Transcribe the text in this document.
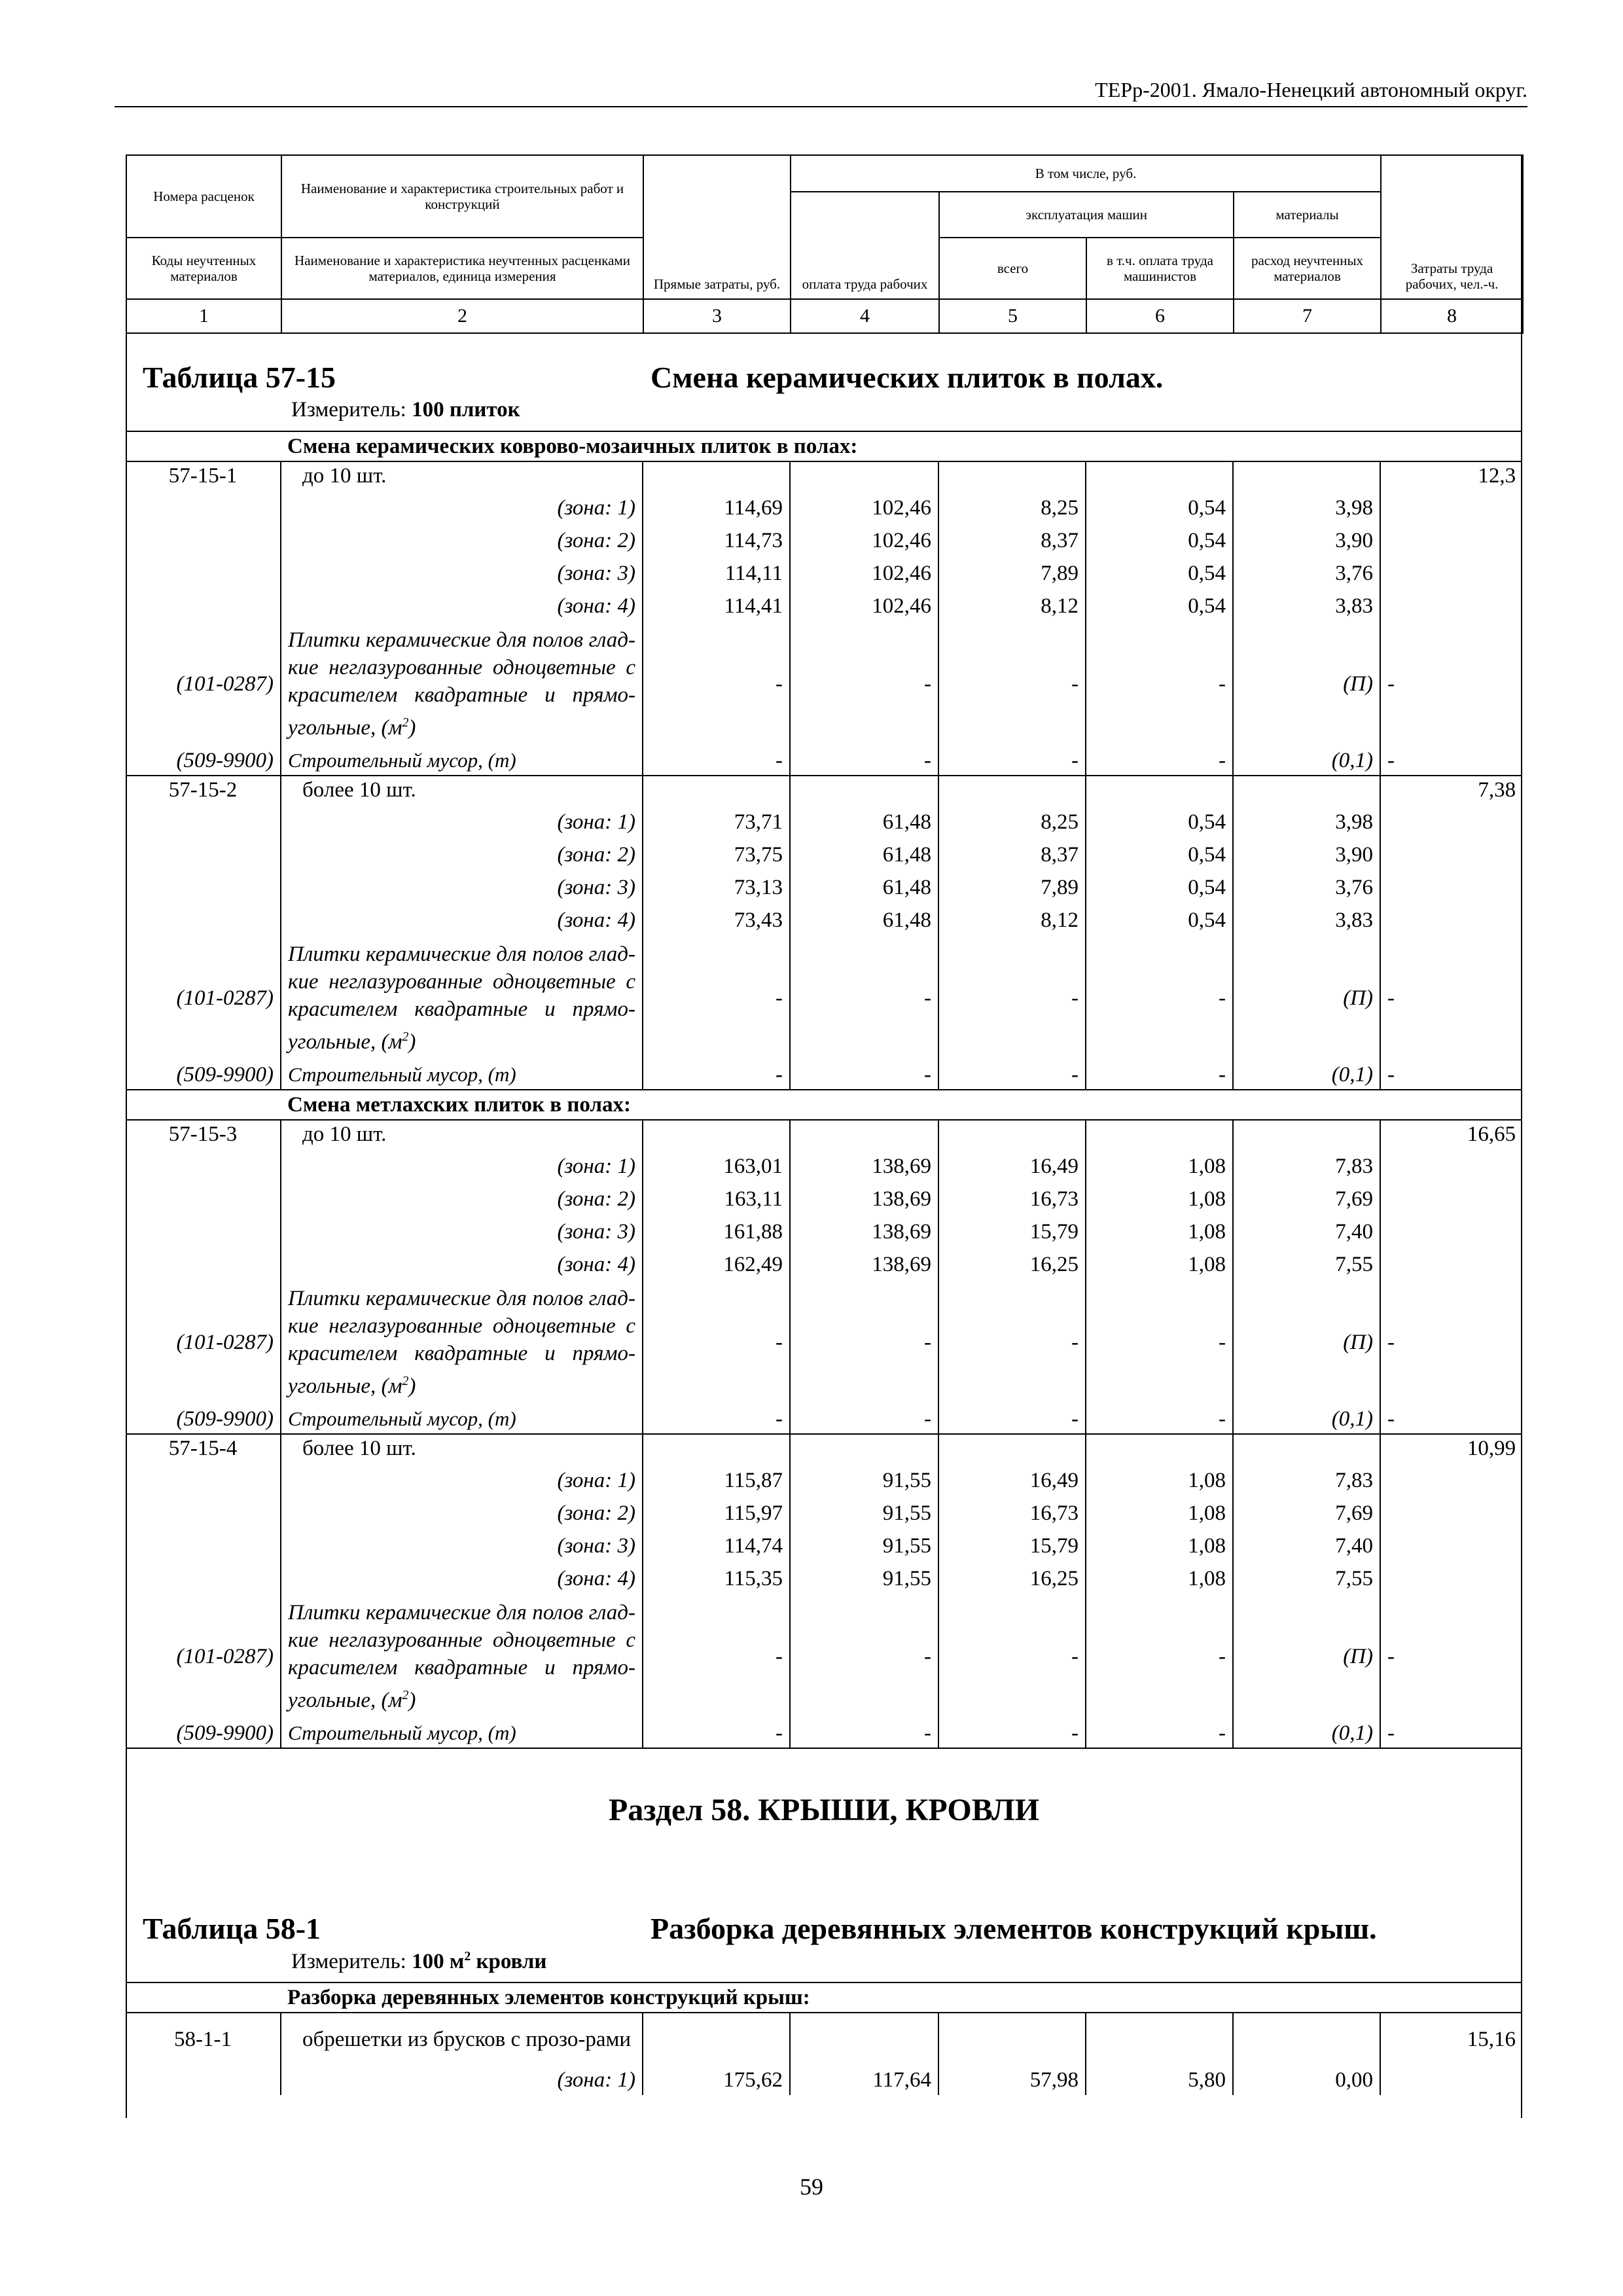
ТЕРр-2001. Ямало-Ненецкий автономный округ.
Номера расценок	Наименование и характеристика строительных работ и конструкций	Прямые затраты, руб.	В том числе, руб.				Затраты труда рабочих, чел.-ч.
			оплата труда рабочих	эксплуатация машин		материалы	
Коды неучтенных материалов	Наименование и характеристика неучтенных расценками материалов, единица измерения			всего	в т.ч. оплата труда машинистов	расход неучтенных материалов	
1	2	3	4	5	6	7	8
Таблица 57-15	Смена керамических плиток в полах.
Измеритель: 100 плиток
	Смена керамических коврово-мозаичных плиток в полах:						
57-15-1	до 10 шт.						12,3
	(зона: 1)	114,69	102,46	8,25	0,54	3,98	
	(зона: 2)	114,73	102,46	8,37	0,54	3,90	
	(зона: 3)	114,11	102,46	7,89	0,54	3,76	
	(зона: 4)	114,41	102,46	8,12	0,54	3,83	
(101-0287)	Плитки керамические для полов глад-кие неглазурованные одноцветные с красителем квадратные и прямо-угольные, $(м^2)$	-	-	-	-	(П)	-
(509-9900)	Строительный мусор, (т)	-	-	-	-	(0,1)	-
57-15-2	более 10 шт.						7,38
	(зона: 1)	73,71	61,48	8,25	0,54	3,98	
	(зона: 2)	73,75	61,48	8,37	0,54	3,90	
	(зона: 3)	73,13	61,48	7,89	0,54	3,76	
	(зона: 4)	73,43	61,48	8,12	0,54	3,83	
(101-0287)	Плитки керамические для полов глад-кие неглазурованные одноцветные с красителем квадратные и прямо-угольные, $(м^2)$	-	-	-	-	(П)	-
(509-9900)	Строительный мусор, (т)	-	-	-	-	(0,1)	-
	Смена метлахских плиток в полах:						
57-15-3	до 10 шт.						16,65
	(зона: 1)	163,01	138,69	16,49	1,08	7,83	
	(зона: 2)	163,11	138,69	16,73	1,08	7,69	
	(зона: 3)	161,88	138,69	15,79	1,08	7,40	
	(зона: 4)	162,49	138,69	16,25	1,08	7,55	
(101-0287)	Плитки керамические для полов глад-кие неглазурованные одноцветные с красителем квадратные и прямо-угольные, $(м^2)$	-	-	-	-	(П)	-
(509-9900)	Строительный мусор, (т)	-	-	-	-	(0,1)	-
57-15-4	более 10 шт.						10,99
	(зона: 1)	115,87	91,55	16,49	1,08	7,83	
	(зона: 2)	115,97	91,55	16,73	1,08	7,69	
	(зона: 3)	114,74	91,55	15,79	1,08	7,40	
	(зона: 4)	115,35	91,55	16,25	1,08	7,55	
(101-0287)	Плитки керамические для полов глад-кие неглазурованные одноцветные с красителем квадратные и прямо-угольные, $(м^2)$	-	-	-	-	(П)	-
(509-9900)	Строительный мусор, (т)	-	-	-	-	(0,1)	-

Раздел 58. КРЫШИ, КРОВЛИ
Таблица 58-1	Разборка деревянных элементов конструкций крыш.
Измеритель: 100 $м^2$ кровли
	Разборка деревянных элементов конструкций крыш:						
58-1-1	обрешетки из брусков с прозо-рами						15,16
	(зона: 1)	175,62	117,64	57,98	5,80	0,00	
59
